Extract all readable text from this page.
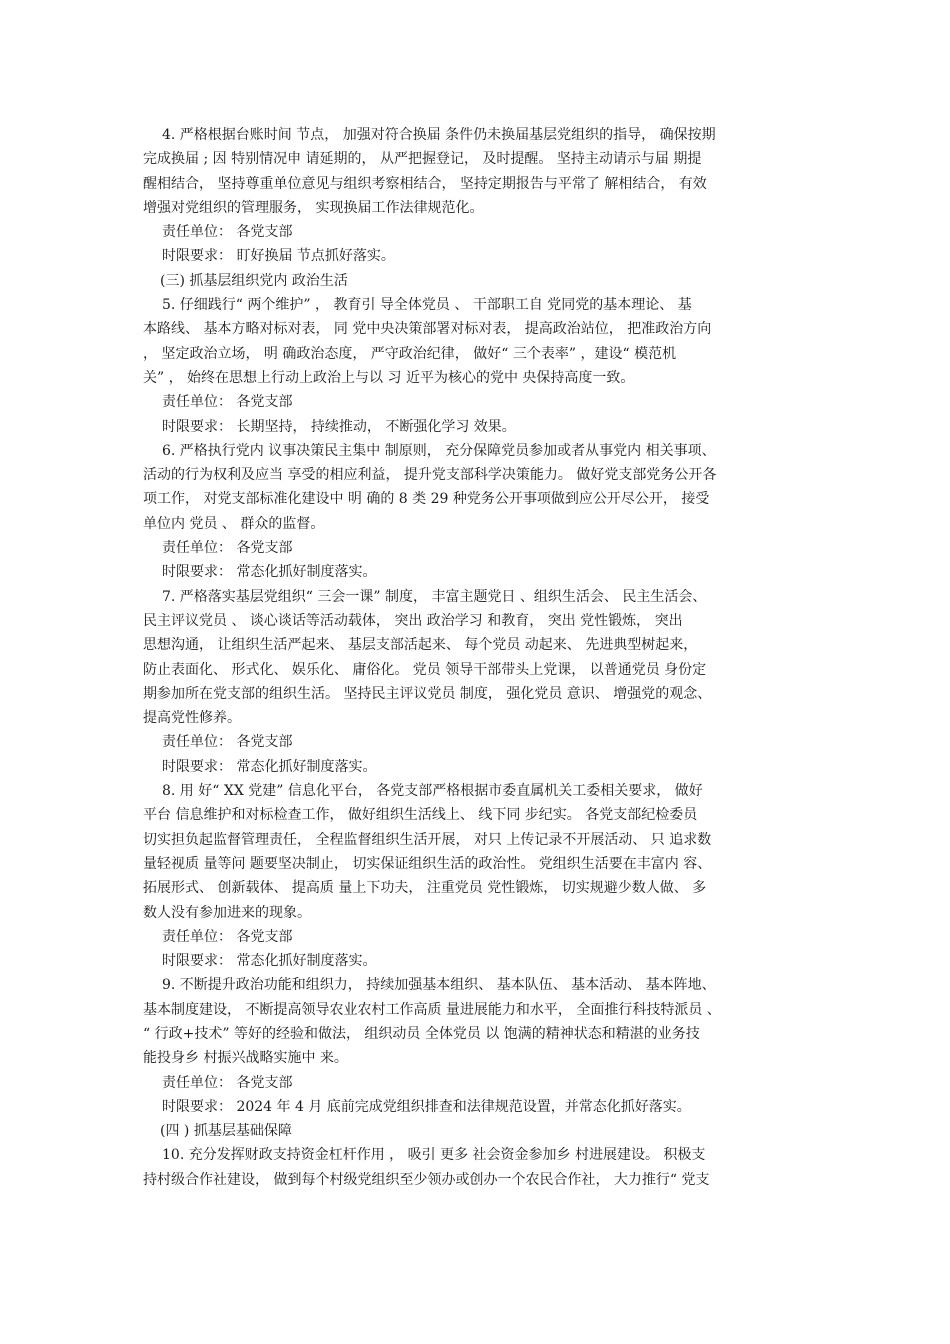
4. 严格根据台账时间 节点， 加强对符合换届 条件仍未换届基层党组织的指导， 确保按期
完成换届 ; 因 特别情况申 请延期的， 从严把握登记， 及时提醒。 坚持主动请示与届 期提
醒相结合， 坚持尊重单位意见与组织考察相结合， 坚持定期报告与平常了 解相结合， 有效
增强对党组织的管理服务， 实现换届工作法律规范化。
责任单位： 各党支部
时限要求： 盯好换届 节点抓好落实。
(三) 抓基层组织党内 政治生活
5. 仔细践行“ 两个维护” ， 教育引 导全体党员 、 干部职工自 党同党的基本理论、 基
本路线、 基本方略对标对表， 同 党中央决策部署对标对表， 提高政治站位， 把准政治方向
， 坚定政治立场， 明 确政治态度， 严守政治纪律， 做好“ 三个表率” ，建设“ 模范机
关” ， 始终在思想上行动上政治上与以 习 近平为核心的党中 央保持高度一致。
责任单位： 各党支部
时限要求： 长期坚持， 持续推动， 不断强化学习 效果。
6. 严格执行党内 议事决策民主集中 制原则， 充分保障党员参加或者从事党内 相关事项、
活动的行为权利及应当 享受的相应利益， 提升党支部科学决策能力。 做好党支部党务公开各
项工作， 对党支部标准化建设中 明 确的 8 类 29 种党务公开事项做到应公开尽公开， 接受
单位内 党员 、 群众的监督。
责任单位： 各党支部
时限要求： 常态化抓好制度落实。
7. 严格落实基层党组织“ 三会一课” 制度， 丰富主题党日 、组织生活会、 民主生活会、
民主评议党员 、 谈心谈话等活动载体， 突出 政治学习 和教育， 突出 党性锻炼， 突出
思想沟通， 让组织生活严起来、 基层支部活起来、 每个党员 动起来、 先进典型树起来，
防止表面化、 形式化、 娱乐化、 庸俗化。 党员 领导干部带头上党课， 以普通党员 身份定
期参加所在党支部的组织生活。 坚持民主评议党员 制度， 强化党员 意识、 增强党的观念、
提高党性修养。
责任单位： 各党支部
时限要求： 常态化抓好制度落实。
8. 用 好“ XX 党建” 信息化平台， 各党支部严格根据市委直属机关工委相关要求， 做好
平台 信息维护和对标检查工作， 做好组织生活线上、 线下同 步纪实。 各党支部纪检委员
切实担负起监督管理责任， 全程监督组织生活开展， 对只 上传记录不开展活动、 只 追求数
量轻视质 量等问 题要坚决制止， 切实保证组织生活的政治性。 党组织生活要在丰富内 容、
拓展形式、 创新载体、 提高质 量上下功夫， 注重党员 党性锻炼， 切实规避少数人做、 多
数人没有参加进来的现象。
责任单位： 各党支部
时限要求： 常态化抓好制度落实。
9. 不断提升政治功能和组织力， 持续加强基本组织、 基本队伍、 基本活动、 基本阵地、
基本制度建设， 不断提高领导农业农村工作高质 量进展能力和水平， 全面推行科技特派员 、
“ 行政+技术” 等好的经验和做法， 组织动员 全体党员 以 饱满的精神状态和精湛的业务技
能投身乡 村振兴战略实施中 来。
责任单位： 各党支部
时限要求： 2024 年 4 月 底前完成党组织排查和法律规范设置，并常态化抓好落实。
(四 ) 抓基层基础保障
10. 充分发挥财政支持资金杠杆作用 ， 吸引 更多 社会资金参加乡 村进展建设。 积极支
持村级合作社建设， 做到每个村级党组织至少领办或创办一个农民合作社， 大力推行“ 党支
